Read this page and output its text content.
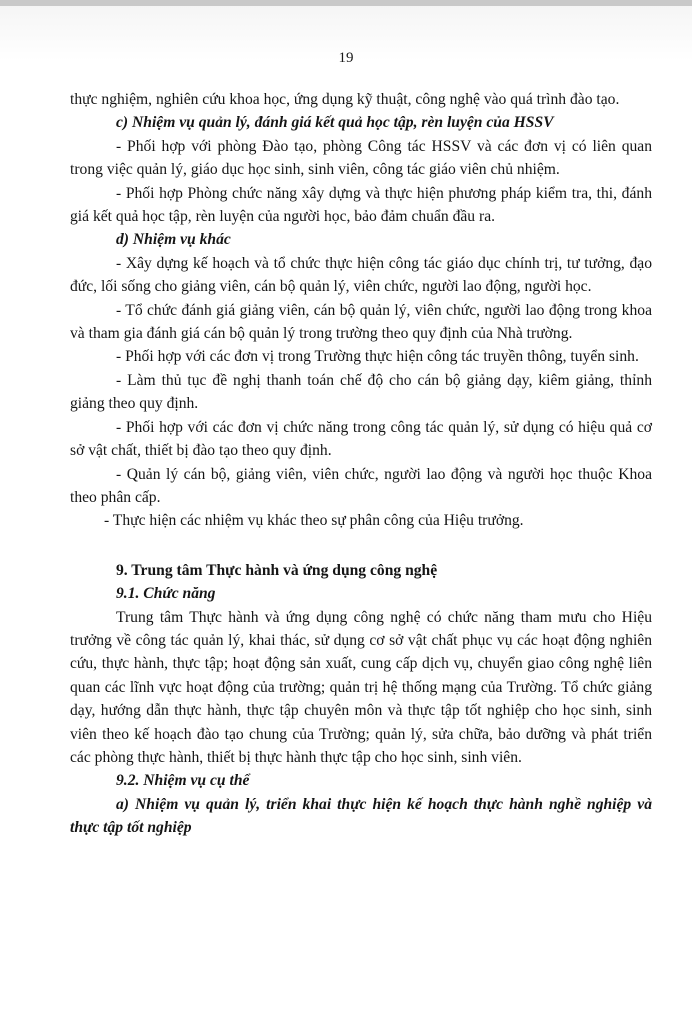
19

thực nghiệm, nghiên cứu khoa học, ứng dụng kỹ thuật, công nghệ vào quá trình đào tạo.

c) Nhiệm vụ quản lý, đánh giá kết quả học tập, rèn luyện của HSSV

- Phối hợp với phòng Đào tạo, phòng Công tác HSSV và các đơn vị có liên quan trong việc quản lý, giáo dục học sinh, sinh viên, công tác giáo viên chủ nhiệm.

- Phối hợp Phòng chức năng xây dựng và thực hiện phương pháp kiểm tra, thi, đánh giá kết quả học tập, rèn luyện của người học, bảo đảm chuẩn đầu ra.

d) Nhiệm vụ khác

- Xây dựng kế hoạch và tổ chức thực hiện công tác giáo dục chính trị, tư tưởng, đạo đức, lối sống cho giảng viên, cán bộ quản lý, viên chức, người lao động, người học.

- Tổ chức đánh giá giảng viên, cán bộ quản lý, viên chức, người lao động trong khoa và tham gia đánh giá cán bộ quản lý trong trường theo quy định của Nhà trường.

- Phối hợp với các đơn vị trong Trường thực hiện công tác truyền thông, tuyển sinh.

- Làm thủ tục đề nghị thanh toán chế độ cho cán bộ giảng dạy, kiêm giảng, thỉnh giảng theo quy định.

- Phối hợp với các đơn vị chức năng trong công tác quản lý, sử dụng có hiệu quả cơ sở vật chất, thiết bị đào tạo theo quy định.

- Quản lý cán bộ, giảng viên, viên chức, người lao động và người học thuộc Khoa theo phân cấp.

- Thực hiện các nhiệm vụ khác theo sự phân công của Hiệu trưởng.

9. Trung tâm Thực hành và ứng dụng công nghệ

9.1. Chức năng

Trung tâm Thực hành và ứng dụng công nghệ có chức năng tham mưu cho Hiệu trưởng về công tác quản lý, khai thác, sử dụng cơ sở vật chất phục vụ các hoạt động nghiên cứu, thực hành, thực tập; hoạt động sản xuất, cung cấp dịch vụ, chuyển giao công nghệ liên quan các lĩnh vực hoạt động của trường; quản trị hệ thống mạng của Trường. Tổ chức giảng dạy, hướng dẫn thực hành, thực tập chuyên môn và thực tập tốt nghiệp cho học sinh, sinh viên theo kế hoạch đào tạo chung của Trường; quản lý, sửa chữa, bảo dưỡng và phát triển các phòng thực hành, thiết bị thực hành thực tập cho học sinh, sinh viên.

9.2. Nhiệm vụ cụ thể

a) Nhiệm vụ quản lý, triển khai thực hiện kế hoạch thực hành nghề nghiệp và thực tập tốt nghiệp
